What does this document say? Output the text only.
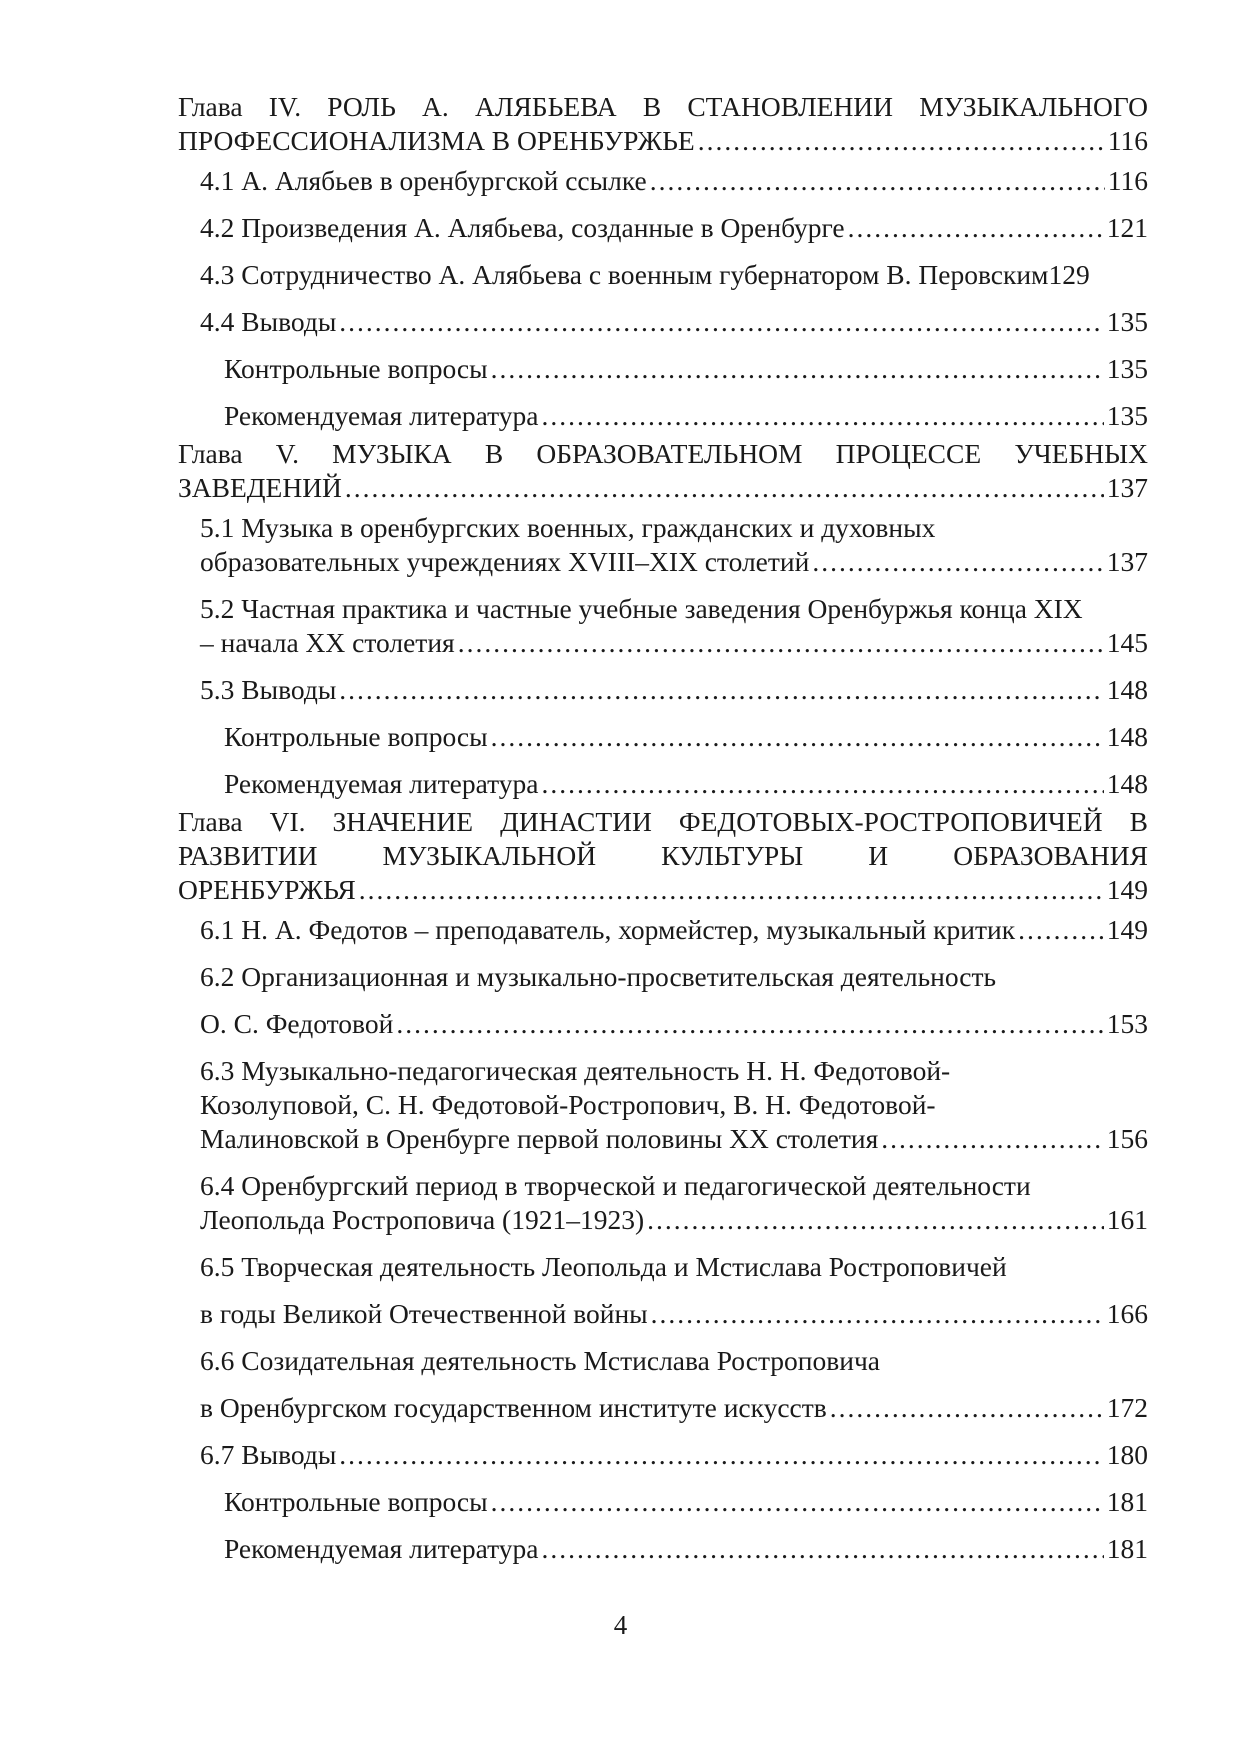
Глава IV. РОЛЬ А. АЛЯБЬЕВА В СТАНОВЛЕНИИ МУЗЫКАЛЬНОГО
ПРОФЕССИОНАЛИЗМА В ОРЕНБУРЖЬЕ .....	116
4.1 А. Алябьев в оренбургской ссылке .....	116
4.2 Произведения А. Алябьева, созданные в Оренбурге .....	121
4.3 Сотрудничество А. Алябьева с военным губернатором В. Перовским 129
4.4 Выводы .....	135
Контрольные вопросы .....	135
Рекомендуемая литература .....	135
Глава V. МУЗЫКА В ОБРАЗОВАТЕЛЬНОМ ПРОЦЕССЕ УЧЕБНЫХ
ЗАВЕДЕНИЙ .....	137
5.1 Музыка в оренбургских военных, гражданских и духовных
образовательных учреждениях XVIII–XIX столетий .....	137
5.2 Частная практика и частные учебные заведения Оренбуржья конца XIX
– начала XX столетия .....	145
5.3 Выводы .....	148
Контрольные вопросы .....	148
Рекомендуемая литература .....	148
Глава VI. ЗНАЧЕНИЕ ДИНАСТИИ ФЕДОТОВЫХ-РОСТРОПОВИЧЕЙ В
РАЗВИТИИ МУЗЫКАЛЬНОЙ КУЛЬТУРЫ И ОБРАЗОВАНИЯ
ОРЕНБУРЖЬЯ .....	149
6.1 Н. А. Федотов – преподаватель, хормейстер, музыкальный критик .....	149
6.2 Организационная и музыкально-просветительская деятельность
О. С. Федотовой .....	153
6.3 Музыкально-педагогическая деятельность Н. Н. Федотовой-
Козолуповой, С. Н. Федотовой-Ростропович, В. Н. Федотовой-
Малиновской в Оренбурге первой половины XX столетия .....	156
6.4 Оренбургский период в творческой и педагогической деятельности
Леопольда Ростроповича (1921–1923) .....	161
6.5 Творческая деятельность Леопольда и Мстислава Ростроповичей
в годы Великой Отечественной войны .....	166
6.6 Созидательная деятельность Мстислава Ростроповича
в Оренбургском государственном институте искусств .....	172
6.7 Выводы .....	180
Контрольные вопросы .....	181
Рекомендуемая литература .....	181
4
